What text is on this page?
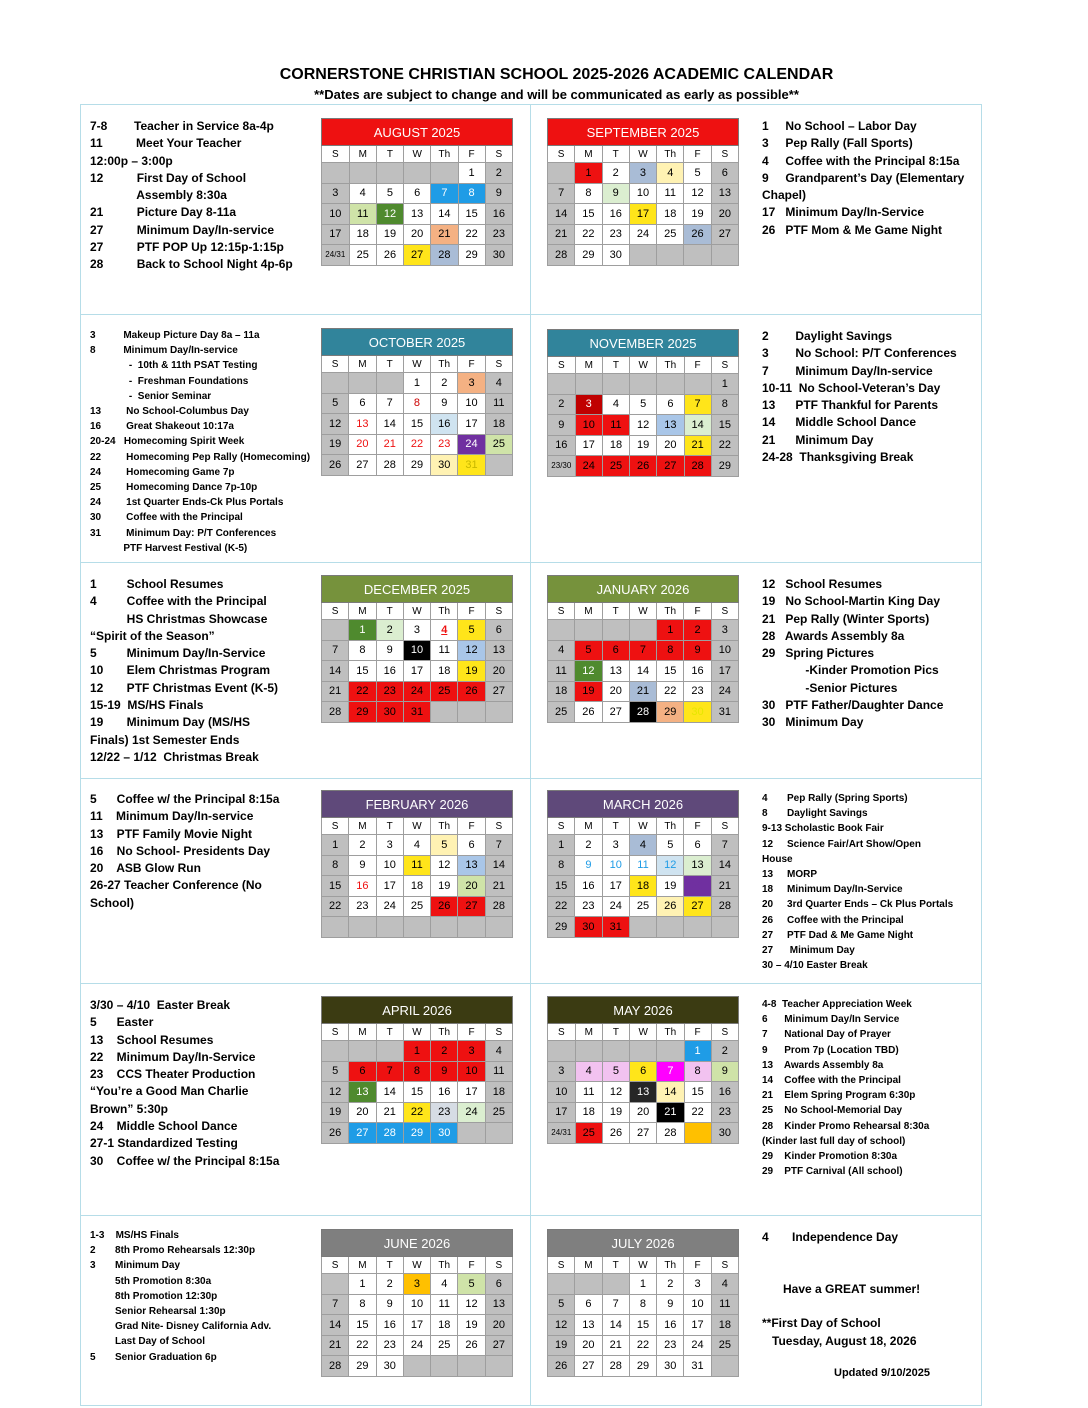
CORNERSTONE CHRISTIAN SCHOOL 2025-2026 ACADEMIC CALENDAR
**Dates are subject to change and will be communicated as early as possible**
7-8        Teacher in Service 8a-4p
11          Meet Your Teacher
12:00p – 3:00p
12          First Day of School
Assembly 8:30a
21          Picture Day 8-11a
27          Minimum Day/In-service
27          PTF POP Up 12:15p-1:15p
28          Back to School Night 4p-6p
1     No School – Labor Day
3     Pep Rally (Fall Sports)
4     Coffee with the Principal 8:15a
9     Grandparent’s Day (Elementary
Chapel)
17   Minimum Day/In-Service
26   PTF Mom & Me Game Night
3          Makeup Picture Day 8a – 11a
8          Minimum Day/In-service
-  10th & 11th PSAT Testing
-  Freshman Foundations
-  Senior Seminar
13         No School-Columbus Day
16         Great Shakeout 10:17a
20-24   Homecoming Spirit Week
22         Homecoming Pep Rally (Homecoming)
24         Homecoming Game 7p
25         Homecoming Dance 7p-10p
24         1st Quarter Ends-Ck Plus Portals
30         Coffee with the Principal
31         Minimum Day: P/T Conferences
PTF Harvest Festival (K-5)
2        Daylight Savings
3        No School: P/T Conferences
7        Minimum Day/In-service
10-11  No School-Veteran’s Day
13      PTF Thankful for Parents
14      Middle School Dance
21      Minimum Day
24-28  Thanksgiving Break
1         School Resumes
4         Coffee with the Principal
HS Christmas Showcase
“Spirit of the Season”
5         Minimum Day/In-Service
10       Elem Christmas Program
12       PTF Christmas Event (K-5)
15-19  MS/HS Finals
19       Minimum Day (MS/HS
Finals) 1st Semester Ends
12/22 – 1/12  Christmas Break
12   School Resumes
19   No School-Martin King Day
21   Pep Rally (Winter Sports)
28   Awards Assembly 8a
29   Spring Pictures
-Kinder Promotion Pics
-Senior Pictures
30   PTF Father/Daughter Dance
30   Minimum Day
5      Coffee w/ the Principal 8:15a
11    Minimum Day/In-service
13    PTF Family Movie Night
16    No School- Presidents Day
20    ASB Glow Run
26-27 Teacher Conference (No
School)
4       Pep Rally (Spring Sports)
8       Daylight Savings
9-13 Scholastic Book Fair
12     Science Fair/Art Show/Open
House
13     MORP
18     Minimum Day/In-Service
20     3rd Quarter Ends – Ck Plus Portals
26     Coffee with the Principal
27     PTF Dad & Me Game Night
27      Minimum Day
30 – 4/10 Easter Break
3/30 – 4/10  Easter Break
5      Easter
13    School Resumes
22    Minimum Day/In-Service
23    CCS Theater Production
“You’re a Good Man Charlie
Brown” 5:30p
24    Middle School Dance
27-1 Standardized Testing
30    Coffee w/ the Principal 8:15a
4-8  Teacher Appreciation Week
6      Minimum Day/In Service
7      National Day of Prayer
9      Prom 7p (Location TBD)
13    Awards Assembly 8a
14    Coffee with the Principal
21    Elem Spring Program 6:30p
25    No School-Memorial Day
28    Kinder Promo Rehearsal 8:30a
(Kinder last full day of school)
29    Kinder Promotion 8:30a
29    PTF Carnival (All school)
1-3    MS/HS Finals
2       8th Promo Rehearsals 12:30p
3       Minimum Day
5th Promotion 8:30a
8th Promotion 12:30p
Senior Rehearsal 1:30p
Grad Nite- Disney California Adv.
Last Day of School
5       Senior Graduation 6p
4       Independence Day
Have a GREAT summer!
**First Day of School
Tuesday, August 18, 2026
Updated 9/10/2025
AUGUST 2025						
S	M	T	W	Th	F	S
					1	2
3	4	5	6	7	8	9
10	11	12	13	14	15	16
17	18	19	20	21	22	23
24/31	25	26	27	28	29	30
SEPTEMBER 2025						
S	M	T	W	Th	F	S
	1	2	3	4	5	6
7	8	9	10	11	12	13
14	15	16	17	18	19	20
21	22	23	24	25	26	27
28	29	30				
OCTOBER 2025						
S	M	T	W	Th	F	S
			1	2	3	4
5	6	7	8	9	10	11
12	13	14	15	16	17	18
19	20	21	22	23	24	25
26	27	28	29	30	31	
NOVEMBER 2025						
S	M	T	W	Th	F	S
						1
2	3	4	5	6	7	8
9	10	11	12	13	14	15
16	17	18	19	20	21	22
23/30	24	25	26	27	28	29
DECEMBER 2025						
S	M	T	W	Th	F	S
	1	2	3	4	5	6
7	8	9	10	11	12	13
14	15	16	17	18	19	20
21	22	23	24	25	26	27
28	29	30	31			
JANUARY 2026						
S	M	T	W	Th	F	S
				1	2	3
4	5	6	7	8	9	10
11	12	13	14	15	16	17
18	19	20	21	22	23	24
25	26	27	28	29	30	31
FEBRUARY 2026						
S	M	T	W	Th	F	S
1	2	3	4	5	6	7
8	9	10	11	12	13	14
15	16	17	18	19	20	21
22	23	24	25	26	27	28

MARCH 2026						
S	M	T	W	Th	F	S
1	2	3	4	5	6	7
8	9	10	11	12	13	14
15	16	17	18	19	20	21
22	23	24	25	26	27	28
29	30	31				
APRIL 2026						
S	M	T	W	Th	F	S
			1	2	3	4
5	6	7	8	9	10	11
12	13	14	15	16	17	18
19	20	21	22	23	24	25
26	27	28	29	30		
MAY 2026						
S	M	T	W	Th	F	S
					1	2
3	4	5	6	7	8	9
10	11	12	13	14	15	16
17	18	19	20	21	22	23
24/31	25	26	27	28	29	30
JUNE 2026						
S	M	T	W	Th	F	S
	1	2	3	4	5	6
7	8	9	10	11	12	13
14	15	16	17	18	19	20
21	22	23	24	25	26	27
28	29	30				
JULY 2026						
S	M	T	W	Th	F	S
			1	2	3	4
5	6	7	8	9	10	11
12	13	14	15	16	17	18
19	20	21	22	23	24	25
26	27	28	29	30	31	
